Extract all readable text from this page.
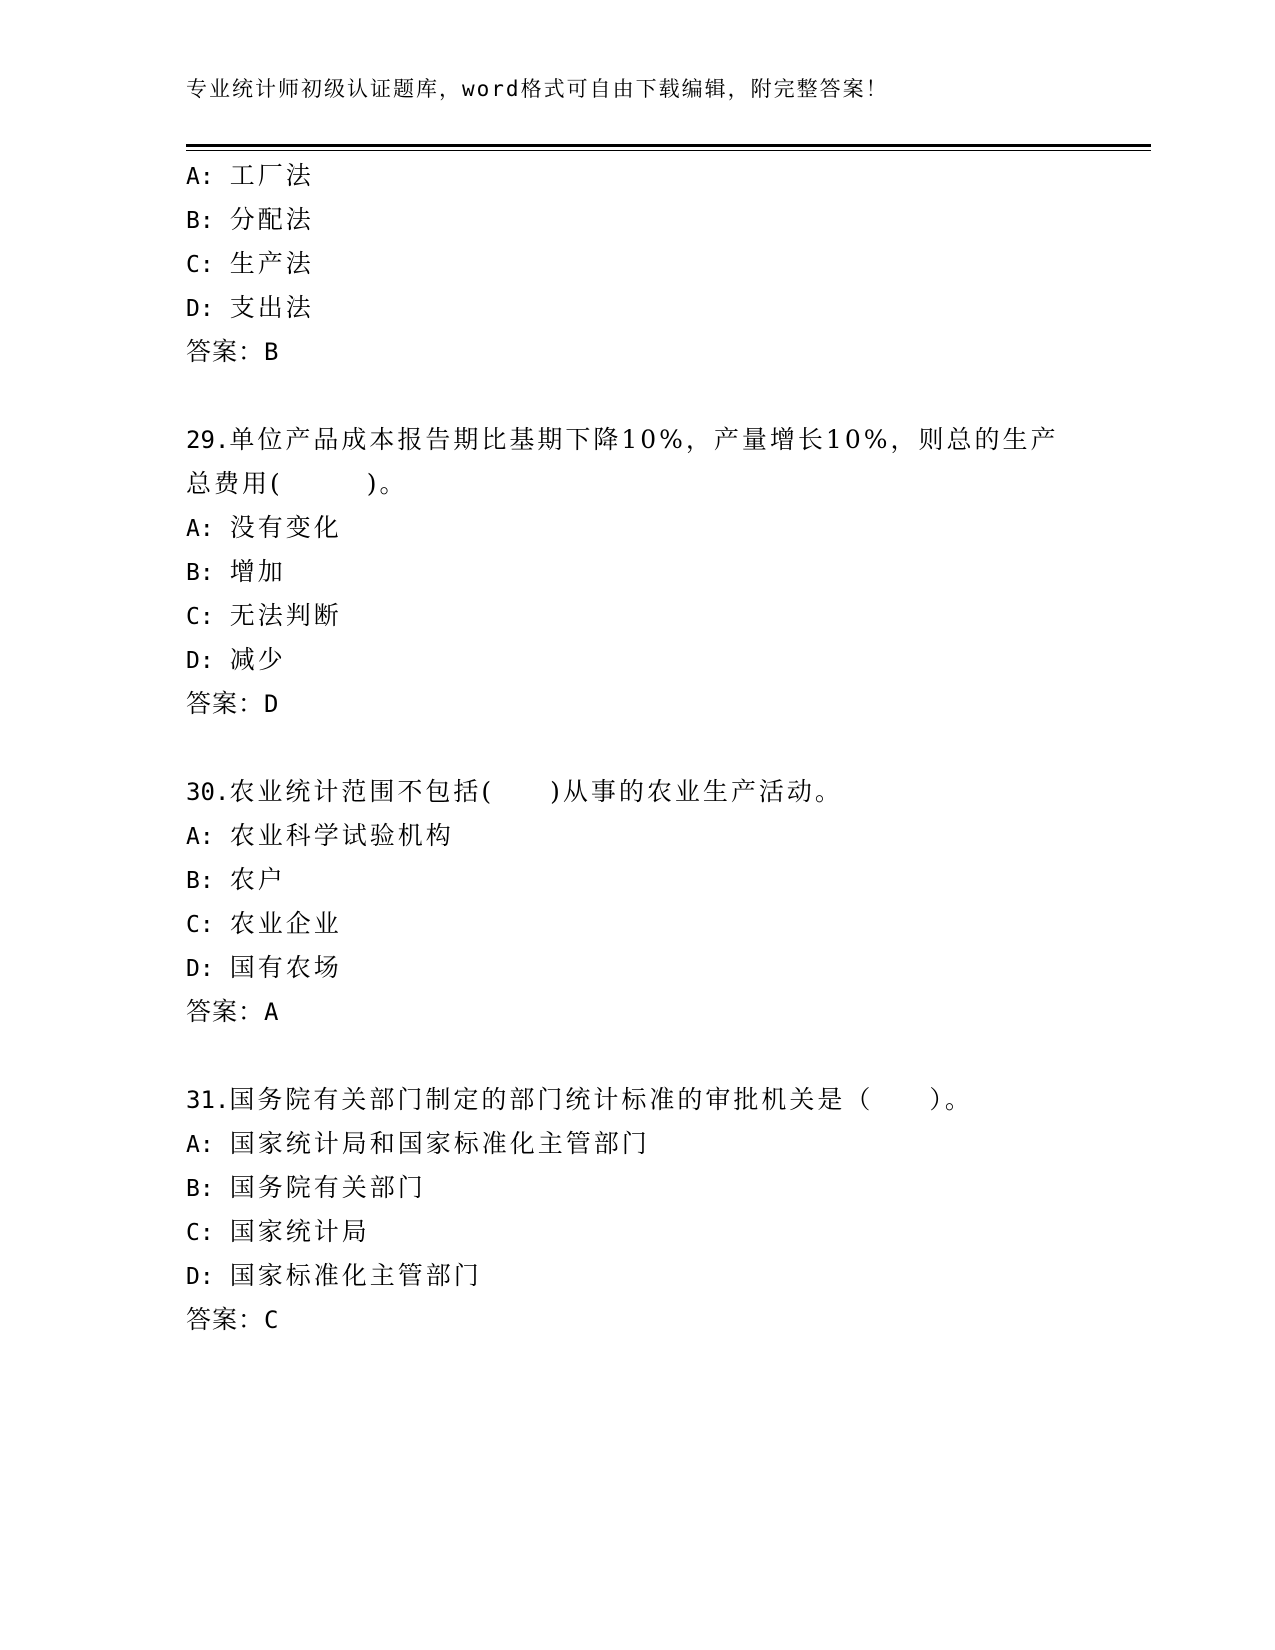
专业统计师初级认证题库，word格式可自由下载编辑，附完整答案！
A: 工厂法
B: 分配法
C: 生产法
D: 支出法
答案：B
29.单位产品成本报告期比基期下降10%，产量增长10%，则总的生产
总费用(　　　)。
A: 没有变化
B: 增加
C: 无法判断
D: 减少
答案：D
30.农业统计范围不包括(　　)从事的农业生产活动。
A: 农业科学试验机构
B: 农户
C: 农业企业
D: 国有农场
答案：A
31.国务院有关部门制定的部门统计标准的审批机关是（　　）。
A: 国家统计局和国家标准化主管部门
B: 国务院有关部门
C: 国家统计局
D: 国家标准化主管部门
答案：C
